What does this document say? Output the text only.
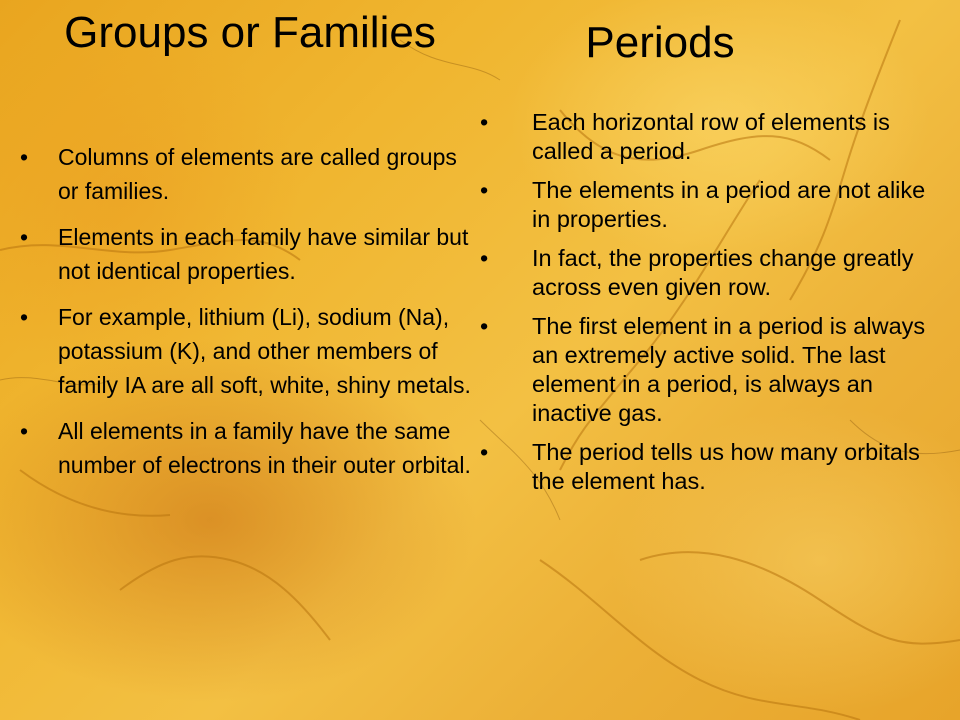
Groups or Families
• Columns of elements are called groups or families.
• Elements in each family have similar but not identical properties.
• For example, lithium (Li), sodium (Na), potassium (K), and other members of family IA are all soft, white, shiny metals.
• All elements in a family have the same number of electrons in their outer orbital.
Periods
• Each horizontal row of elements is called a period.
• The elements in a period are not alike in properties.
• In fact, the properties change greatly across even given row.
• The first element in a period is always an extremely active solid. The last element in a period, is always an inactive gas.
• The period tells us how many orbitals the element has.
